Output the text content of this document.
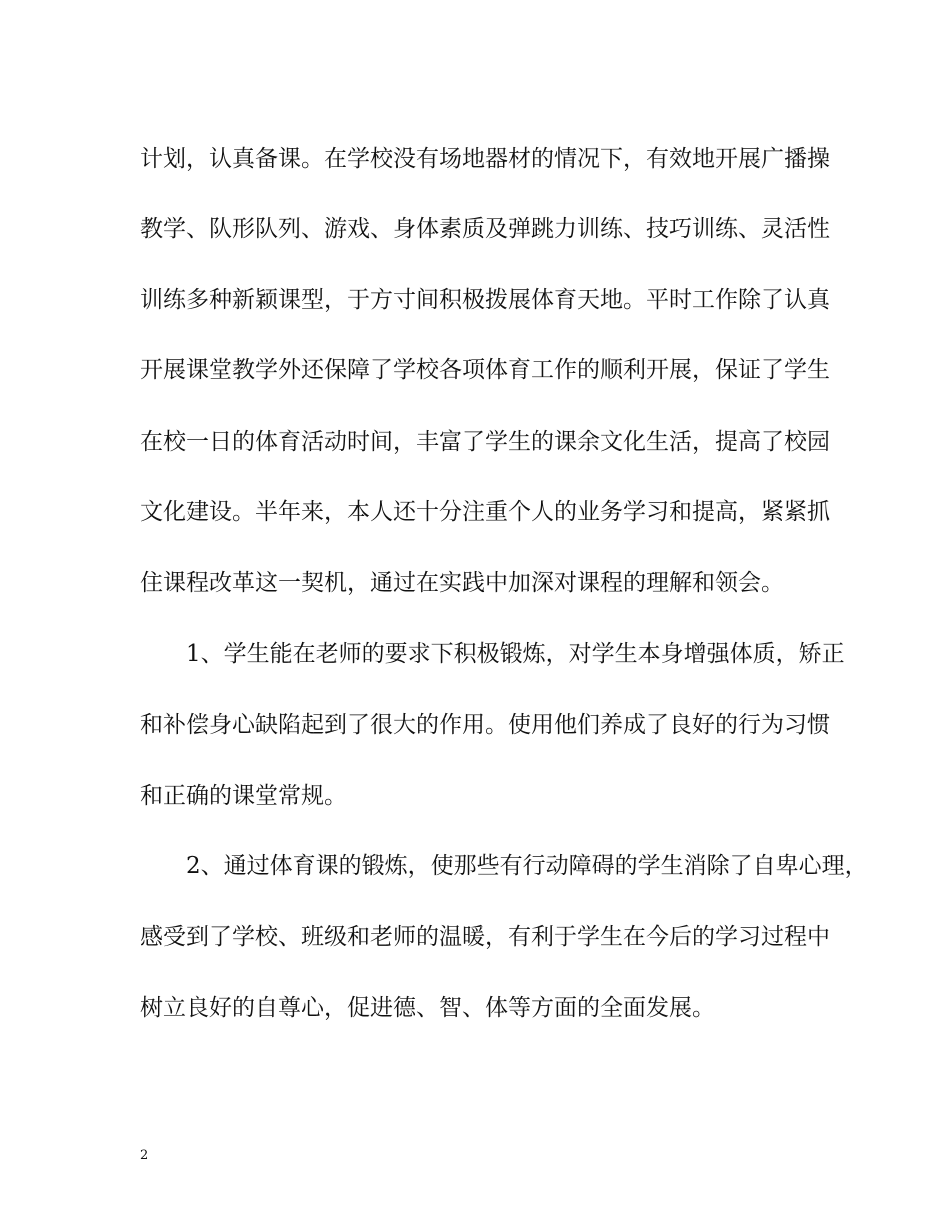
计划，认真备课。在学校没有场地器材的情况下，有效地开展广播操
教学、队形队列、游戏、身体素质及弹跳力训练、技巧训练、灵活性
训练多种新颖课型，于方寸间积极拨展体育天地。平时工作除了认真
开展课堂教学外还保障了学校各项体育工作的顺利开展，保证了学生
在校一日的体育活动时间，丰富了学生的课余文化生活，提高了校园
文化建设。半年来，本人还十分注重个人的业务学习和提高，紧紧抓
住课程改革这一契机，通过在实践中加深对课程的理解和领会。
1、学生能在老师的要求下积极锻炼，对学生本身增强体质，矫正
和补偿身心缺陷起到了很大的作用。使用他们养成了良好的行为习惯
和正确的课堂常规。
2、通过体育课的锻炼，使那些有行动障碍的学生消除了自卑心理，
感受到了学校、班级和老师的温暖，有利于学生在今后的学习过程中
树立良好的自尊心，促进德、智、体等方面的全面发展。
2
